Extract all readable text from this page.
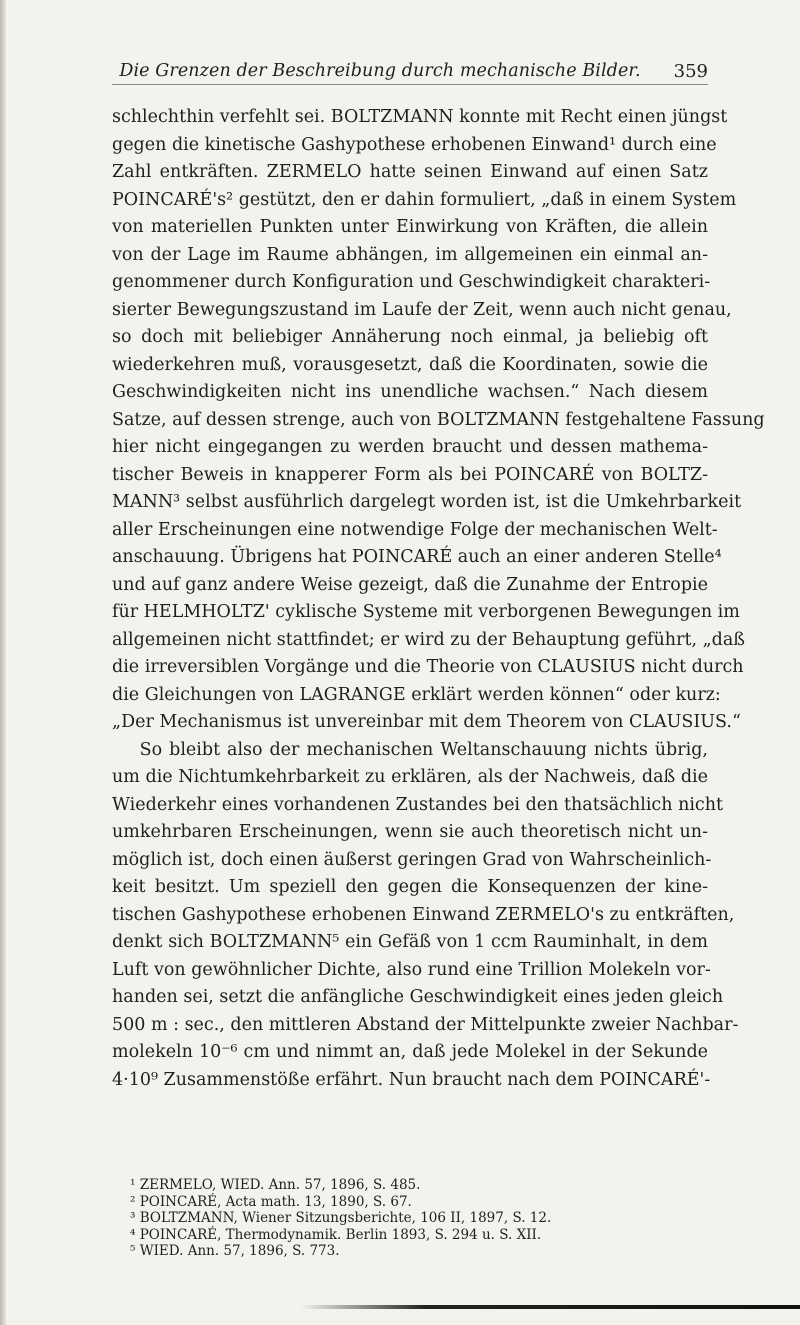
Die Grenzen der Beschreibung durch mechanische Bilder.	359
schlechthin verfehlt sei. BOLTZMANN konnte mit Recht einen jüngst
gegen die kinetische Gashypothese erhobenen Einwand¹ durch eine
Zahl entkräften. ZERMELO hatte seinen Einwand auf einen Satz
POINCARÉ's² gestützt, den er dahin formuliert, „daß in einem System
von materiellen Punkten unter Einwirkung von Kräften, die allein
von der Lage im Raume abhängen, im allgemeinen ein einmal an-
genommener durch Konfiguration und Geschwindigkeit charakteri-
sierter Bewegungszustand im Laufe der Zeit, wenn auch nicht genau,
so doch mit beliebiger Annäherung noch einmal, ja beliebig oft
wiederkehren muß, vorausgesetzt, daß die Koordinaten, sowie die
Geschwindigkeiten nicht ins unendliche wachsen.“ Nach diesem
Satze, auf dessen strenge, auch von BOLTZMANN festgehaltene Fassung
hier nicht eingegangen zu werden braucht und dessen mathema-
tischer Beweis in knapperer Form als bei POINCARÉ von BOLTZ-
MANN³ selbst ausführlich dargelegt worden ist, ist die Umkehrbarkeit
aller Erscheinungen eine notwendige Folge der mechanischen Welt-
anschauung. Übrigens hat POINCARÉ auch an einer anderen Stelle⁴
und auf ganz andere Weise gezeigt, daß die Zunahme der Entropie
für HELMHOLTZ' cyklische Systeme mit verborgenen Bewegungen im
allgemeinen nicht stattfindet; er wird zu der Behauptung geführt, „daß
die irreversiblen Vorgänge und die Theorie von CLAUSIUS nicht durch
die Gleichungen von LAGRANGE erklärt werden können“ oder kurz:
„Der Mechanismus ist unvereinbar mit dem Theorem von CLAUSIUS.“
So bleibt also der mechanischen Weltanschauung nichts übrig,
um die Nichtumkehrbarkeit zu erklären, als der Nachweis, daß die
Wiederkehr eines vorhandenen Zustandes bei den thatsächlich nicht
umkehrbaren Erscheinungen, wenn sie auch theoretisch nicht un-
möglich ist, doch einen äußerst geringen Grad von Wahrscheinlich-
keit besitzt. Um speziell den gegen die Konsequenzen der kine-
tischen Gashypothese erhobenen Einwand ZERMELO's zu entkräften,
denkt sich BOLTZMANN⁵ ein Gefäß von 1 ccm Rauminhalt, in dem
Luft von gewöhnlicher Dichte, also rund eine Trillion Molekeln vor-
handen sei, setzt die anfängliche Geschwindigkeit eines jeden gleich
500 m : sec., den mittleren Abstand der Mittelpunkte zweier Nachbar-
molekeln 10⁻⁶ cm und nimmt an, daß jede Molekel in der Sekunde
4·10⁹ Zusammenstöße erfährt. Nun braucht nach dem POINCARÉ'-
¹ ZERMELO, WIED. Ann. 57, 1896, S. 485.
² POINCARÉ, Acta math. 13, 1890, S. 67.
³ BOLTZMANN, Wiener Sitzungsberichte, 106 II, 1897, S. 12.
⁴ POINCARÉ, Thermodynamik. Berlin 1893, S. 294 u. S. XII.
⁵ WIED. Ann. 57, 1896, S. 773.
